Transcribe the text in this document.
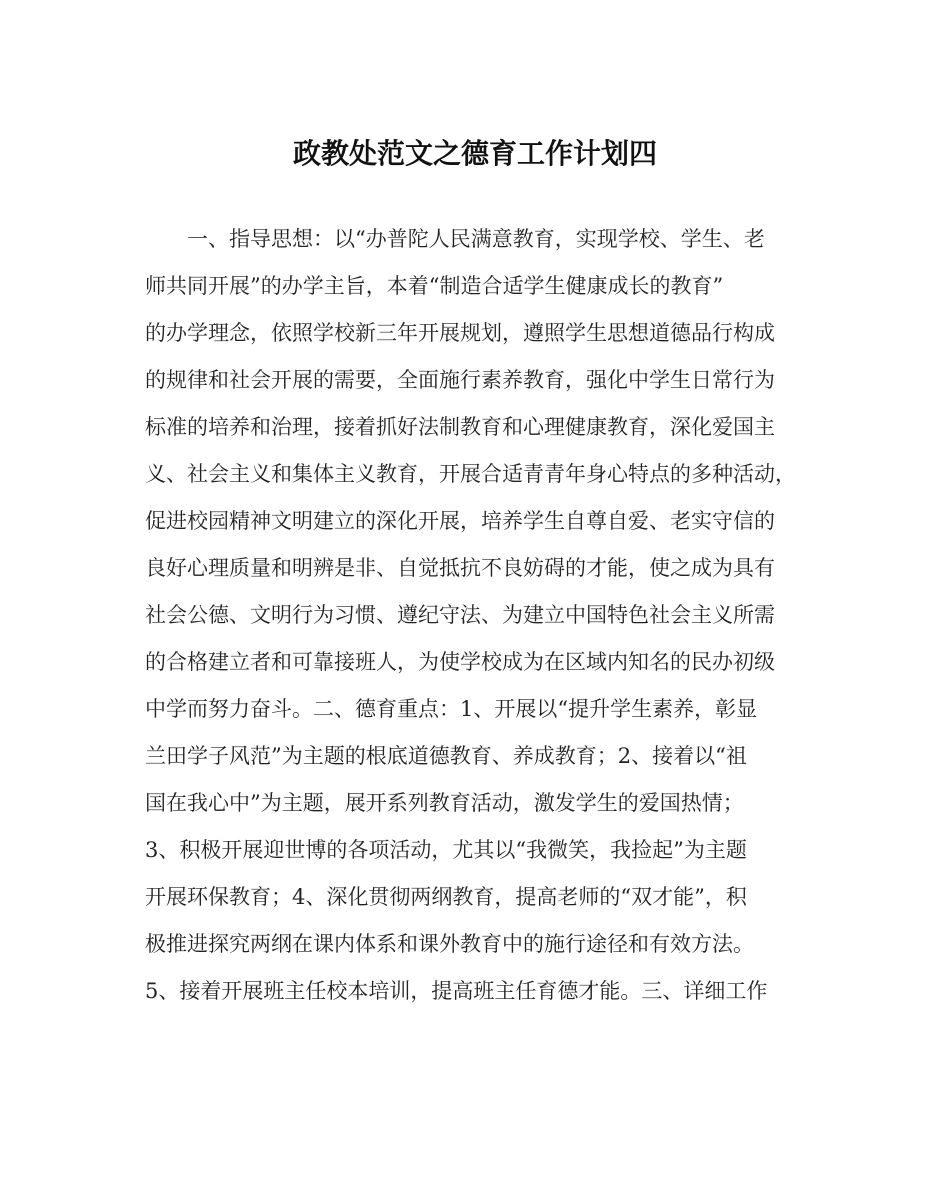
政教处范文之德育工作计划四
　　一、指导思想：以“办普陀人民满意教育，实现学校、学生、老
师共同开展”的办学主旨，本着“制造合适学生健康成长的教育”
的办学理念，依照学校新三年开展规划，遵照学生思想道德品行构成
的规律和社会开展的需要，全面施行素养教育，强化中学生日常行为
标准的培养和治理，接着抓好法制教育和心理健康教育，深化爱国主
义、社会主义和集体主义教育，开展合适青青年身心特点的多种活动，
促进校园精神文明建立的深化开展，培养学生自尊自爱、老实守信的
良好心理质量和明辨是非、自觉抵抗不良妨碍的才能，使之成为具有
社会公德、文明行为习惯、遵纪守法、为建立中国特色社会主义所需
的合格建立者和可靠接班人，为使学校成为在区域内知名的民办初级
中学而努力奋斗。二、德育重点：1、开展以“提升学生素养，彰显
兰田学子风范”为主题的根底道德教育、养成教育；2、接着以“祖
国在我心中”为主题，展开系列教育活动，激发学生的爱国热情；
3、积极开展迎世博的各项活动，尤其以“我微笑，我捡起”为主题
开展环保教育；4、深化贯彻两纲教育，提高老师的“双才能”，积
极推进探究两纲在课内体系和课外教育中的施行途径和有效方法。
5、接着开展班主任校本培训，提高班主任育德才能。三、详细工作
